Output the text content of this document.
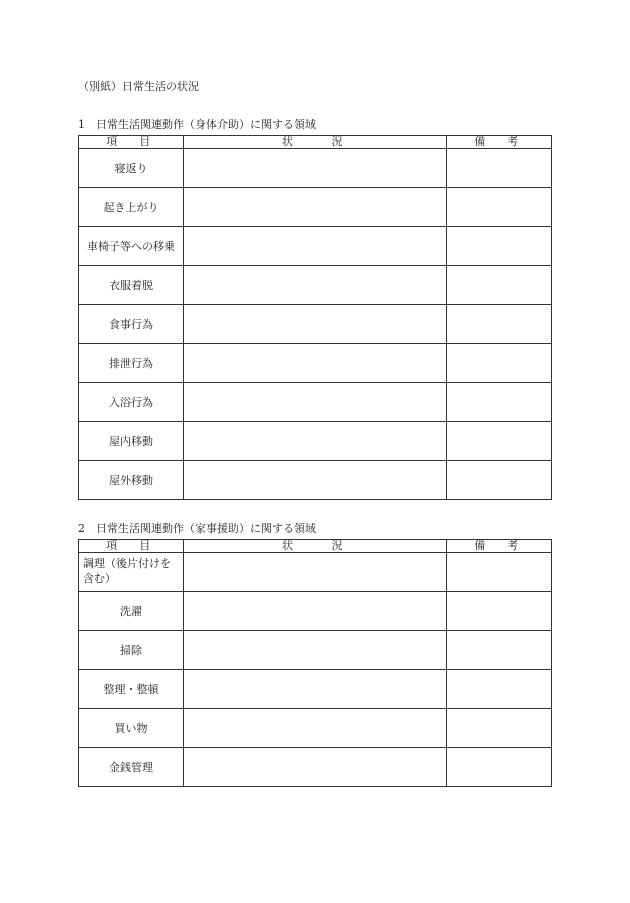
（別紙）日常生活の状況
1 日常生活関連動作（身体介助）に関する領域
項　目	状　　況	備　考
寝返り		
起き上がり		
車椅子等への移乗		
衣服着脱		
食事行為		
排泄行為		
入浴行為		
屋内移動		
屋外移動		
2 日常生活関連動作（家事援助）に関する領域
項　目	状　　況	備　考
調理（後片付けを含む）		
洗濯		
掃除		
整理・整頓		
買い物		
金銭管理		
